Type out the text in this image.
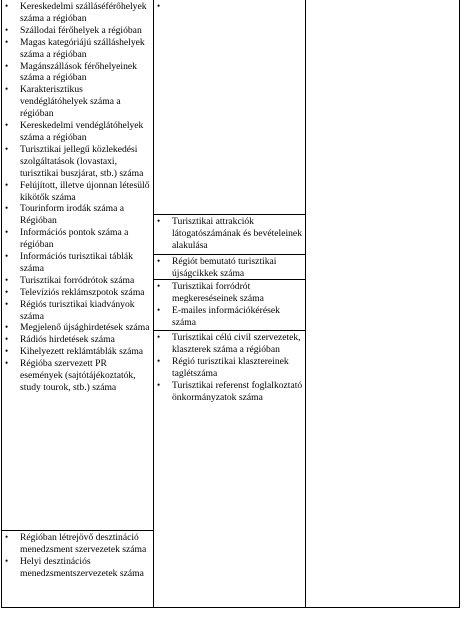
• Kereskedelmi szálláséférőhelyek száma a régióban
• Szállodai férőhelyek a régióban
• Magas kategóriájú szálláshelyek száma a régióban
• Magánszállások férőhelyeinek száma a régióban
• Karakterisztikus vendéglátóhelyek száma a régióban
• Kereskedelmi vendéglátóhelyek száma a régióban
• Turisztikai jellegű közlekedési szolgáltatások (lovastaxi, turisztikai buszjárat, stb.) száma
• Felújított, illetve újonnan létesülő kikötők száma
• Tourinform irodák száma a Régióban
• Információs pontok száma a régióban
• Információs turisztikai táblák száma
• Turisztikai forródrótok száma
• Televíziós reklámszpotok száma
• Régiós turisztikai kiadványok száma
• Megjelenő újsághirdetések száma
• Rádiós hirdetések száma
• Kihelyezett reklámtáblák száma
• Régióba szervezett PR események (sajtótájékoztatók, study tourok, stb.) száma
• Régióban létrejövő desztináció menedzsment szervezetek száma
• Helyi desztinációs menedzsmentszervezetek száma
•
• Turisztikai attrakciók látogatószámának és bevételeinek alakulása
• Régiót bemutató turisztikai újságcikkek száma
• Turisztikai forródrót megkereséseinek száma
• E-mailes információkérések száma
• Turisztikai célú civil szervezetek, klaszterek száma a régióban
• Régió turisztikai klasztereinek taglétszáma
• Turisztikai referenst foglalkoztató önkormányzatok száma
